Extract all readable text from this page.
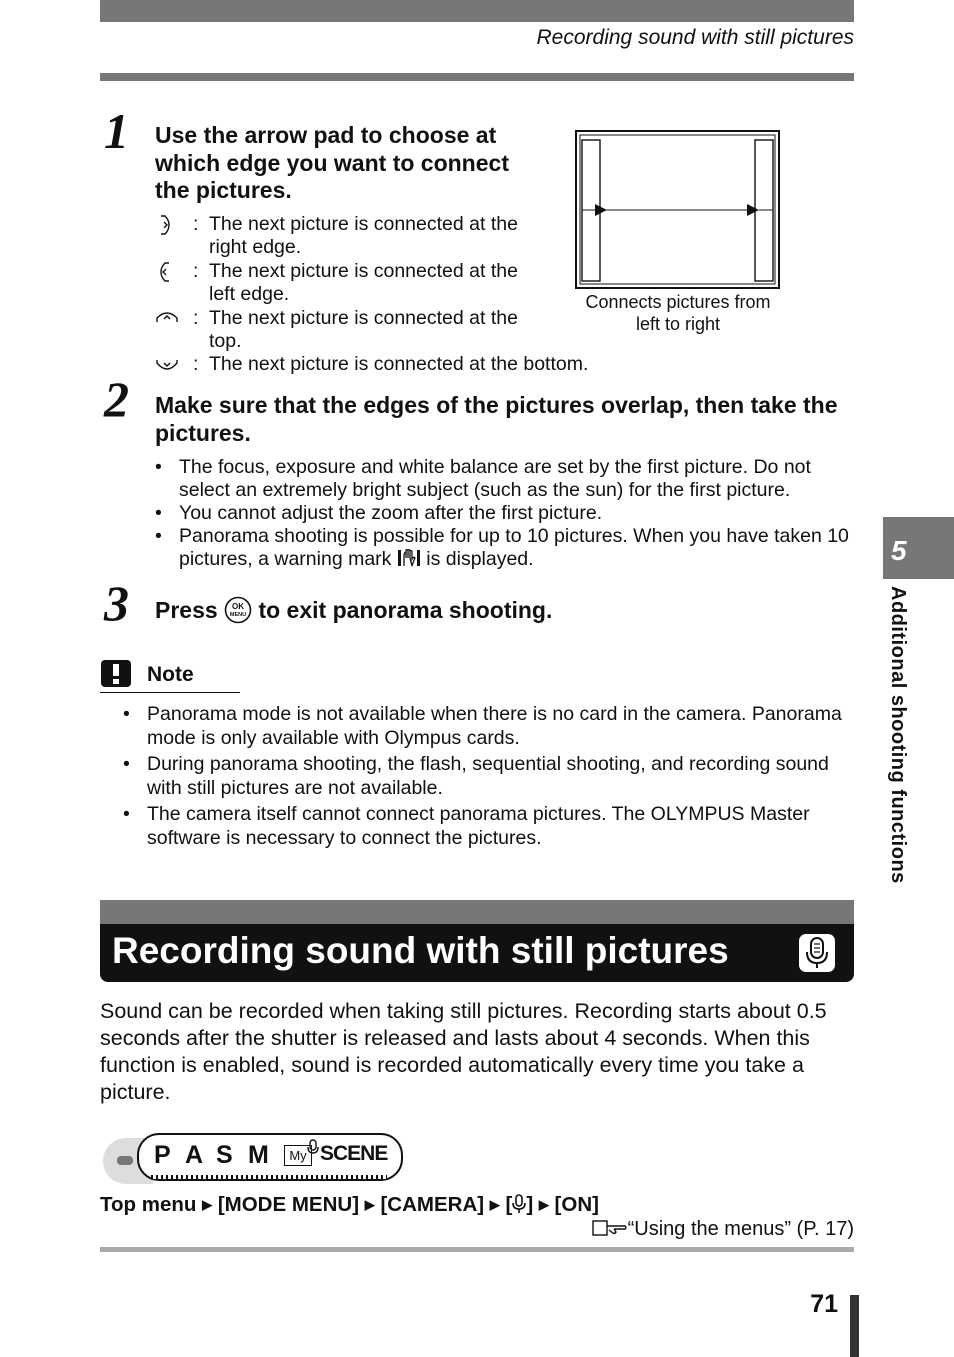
Recording sound with still pictures
1 Use the arrow pad to choose at which edge you want to connect the pictures.
: The next picture is connected at the right edge.
: The next picture is connected at the left edge.
: The next picture is connected at the top.
: The next picture is connected at the bottom.
Connects pictures from left to right
2 Make sure that the edges of the pictures overlap, then take the pictures.
• The focus, exposure and white balance are set by the first picture. Do not select an extremely bright subject (such as the sun) for the first picture.
• You cannot adjust the zoom after the first picture.
• Panorama shooting is possible for up to 10 pictures. When you have taken 10 pictures, a warning mark is displayed.
3 Press OK
MENU to exit panorama shooting.
Note
• Panorama mode is not available when there is no card in the camera. Panorama mode is only available with Olympus cards.
• During panorama shooting, the flash, sequential shooting, and recording sound with still pictures are not available.
• The camera itself cannot connect panorama pictures. The OLYMPUS Master software is necessary to connect the pictures.
5
Additional shooting functions
Recording sound with still pictures
Sound can be recorded when taking still pictures. Recording starts about 0.5 seconds after the shutter is released and lasts about 4 seconds. When this function is enabled, sound is recorded automatically every time you take a picture.
P A S M	My SCENE
Top menu ▶ [MODE MENU] ▶ [CAMERA] ▶ [ ] ▶ [ON]
“Using the menus” (P. 17)
71
